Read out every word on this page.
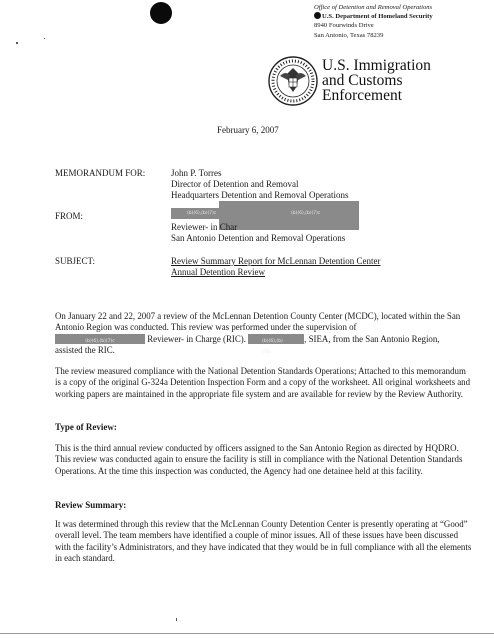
Office of Detention and Removal Operations
U.S. Department of Homeland Security
8940 Fourwinds Drive
San Antonio, Texas 78239
U.S. Immigration
and Customs
Enforcement
February 6, 2007
MEMORANDUM FOR:	John P. Torres
Director of Detention and Removal
Headquarters Detention and Removal Operations
FROM:	(b)(6),(b)(7)c	(b)(6),(b)(7)c
Reviewer- in Char
San Antonio Detention and Removal Operations
SUBJECT:	Review Summary Report for McLennan Detention Center
Annual Detention Review
On January 22 and 22, 2007 a review of the McLennan Detention County Center (MCDC), located within the San Antonio Region was conducted. This review was performed under the supervision of

(b)(6),(b)(7)c	Reviewer- in Charge (RIC).	(b)(6),(b)(7)c
, SIEA, from the San Antonio Region,
assisted the RIC.
The review measured compliance with the National Detention Standards Operations; Attached to this memorandum is a copy of the original G-324a Detention Inspection Form and a copy of the worksheet. All original worksheets and working papers are maintained in the appropriate file system and are available for review by the Review Authority.
Type of Review:
This is the third annual review conducted by officers assigned to the San Antonio Region as directed by HQDRO. This review was conducted again to ensure the facility is still in compliance with the National Detention Standards Operations. At the time this inspection was conducted, the Agency had one detainee held at this facility.
Review Summary:
It was determined through this review that the McLennan County Detention Center is presently operating at “Good” overall level. The team members have identified a couple of minor issues. All of these issues have been discussed with the facility’s Administrators, and they have indicated that they would be in full compliance with all the elements in each standard.
